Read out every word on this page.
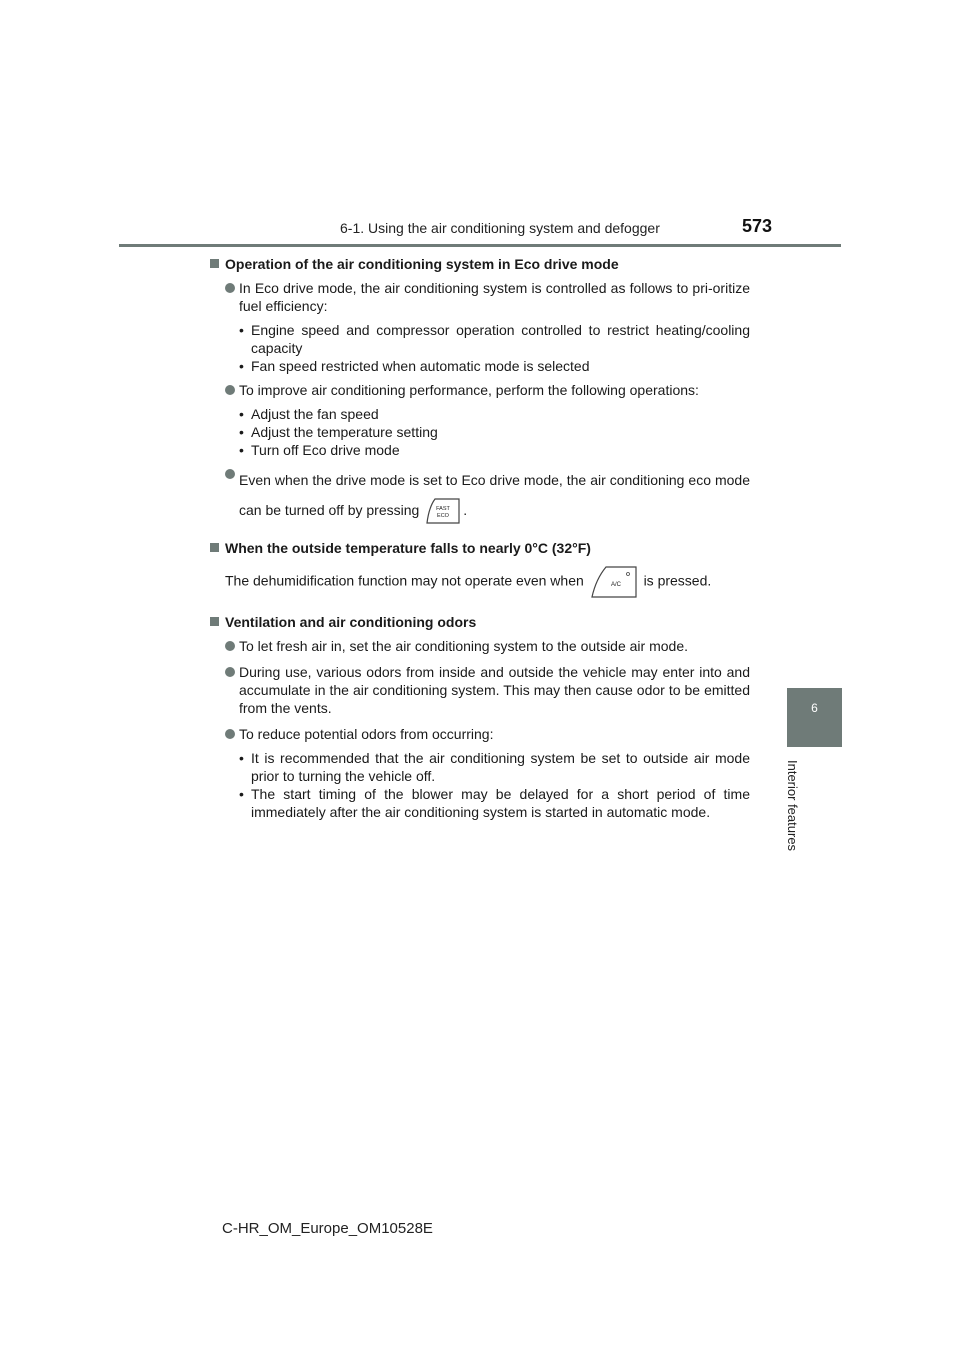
6-1. Using the air conditioning system and defogger	573
6
Interior features
Operation of the air conditioning system in Eco drive mode
In Eco drive mode, the air conditioning system is controlled as follows to pri-oritize fuel efficiency:
• Engine speed and compressor operation controlled to restrict heating/cooling capacity
• Fan speed restricted when automatic mode is selected
To improve air conditioning performance, perform the following operations:
• Adjust the fan speed
• Adjust the temperature setting
• Turn off Eco drive mode
Even when the drive mode is set to Eco drive mode, the air conditioning eco mode can be turned off by pressing	FAST
ECO .
When the outside temperature falls to nearly 0°C (32°F)
The dehumidification function may not operate even when	A/C is pressed.
Ventilation and air conditioning odors
To let fresh air in, set the air conditioning system to the outside air mode.
During use, various odors from inside and outside the vehicle may enter into and accumulate in the air conditioning system. This may then cause odor to be emitted from the vents.
To reduce potential odors from occurring:
• It is recommended that the air conditioning system be set to outside air mode prior to turning the vehicle off.
• The start timing of the blower may be delayed for a short period of time immediately after the air conditioning system is started in automatic mode.
C-HR_OM_Europe_OM10528E
